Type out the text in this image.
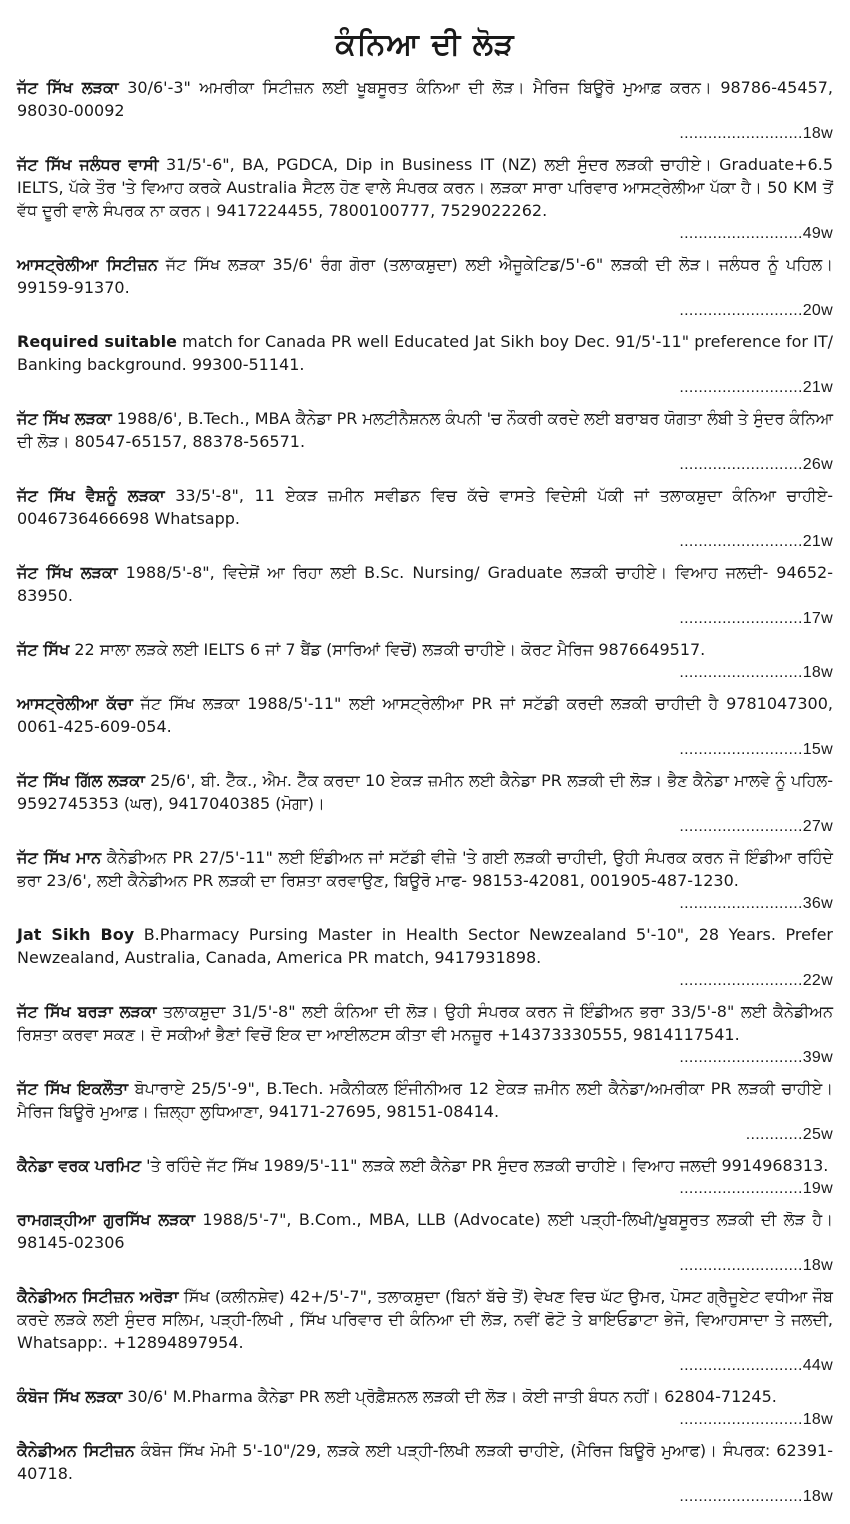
ਕੰਨਿਆ ਦੀ ਲੋੜ
ਜੱਟ ਸਿੱਖ ਲੜਕਾ 30/6'-3" ਅਮਰੀਕਾ ਸਿਟੀਜ਼ਨ ਲਈ ਖੂਬਸੂਰਤ ਕੰਨਿਆ ਦੀ ਲੋੜ। ਮੈਰਿਜ ਬਿਊਰੋ ਮੁਆਫ਼ ਕਰਨ। 98786-45457, 98030-00092
..........................18w
ਜੱਟ ਸਿੱਖ ਜਲੰਧਰ ਵਾਸੀ 31/5'-6", BA, PGDCA, Dip in Business IT (NZ) ਲਈ ਸੁੰਦਰ ਲੜਕੀ ਚਾਹੀਏ। Graduate+6.5 IELTS, ਪੱਕੇ ਤੌਰ 'ਤੇ ਵਿਆਹ ਕਰਕੇ Australia ਸੈਟਲ ਹੋਣ ਵਾਲੇ ਸੰਪਰਕ ਕਰਨ। ਲੜਕਾ ਸਾਰਾ ਪਰਿਵਾਰ ਆਸਟ੍ਰੇਲੀਆ ਪੱਕਾ ਹੈ। 50 KM ਤੋਂ ਵੱਧ ਦੂਰੀ ਵਾਲੇ ਸੰਪਰਕ ਨਾ ਕਰਨ। 9417224455, 7800100777, 7529022262.
..........................49w
ਆਸਟ੍ਰੇਲੀਆ ਸਿਟੀਜ਼ਨ ਜੱਟ ਸਿੱਖ ਲੜਕਾ 35/6' ਰੰਗ ਗੋਰਾ (ਤਲਾਕਸ਼ੁਦਾ) ਲਈ ਐਜੂਕੇਟਿਡ/5'-6" ਲੜਕੀ ਦੀ ਲੋੜ। ਜਲੰਧਰ ਨੂੰ ਪਹਿਲ। 99159-91370.
..........................20w
Required suitable match for Canada PR well Educated Jat Sikh boy Dec. 91/5'-11" preference for IT/ Banking background. 99300-51141.
..........................21w
ਜੱਟ ਸਿੱਖ ਲੜਕਾ 1988/6', B.Tech., MBA ਕੈਨੇਡਾ PR ਮਲਟੀਨੈਸ਼ਨਲ ਕੰਪਨੀ 'ਚ ਨੌਕਰੀ ਕਰਦੇ ਲਈ ਬਰਾਬਰ ਯੋਗਤਾ ਲੰਬੀ ਤੇ ਸੁੰਦਰ ਕੰਨਿਆ ਦੀ ਲੋੜ। 80547-65157, 88378-56571.
..........................26w
ਜੱਟ ਸਿੱਖ ਵੈਸ਼ਨੂੰ ਲੜਕਾ 33/5'-8", 11 ਏਕੜ ਜ਼ਮੀਨ ਸਵੀਡਨ ਵਿਚ ਕੱਚੇ ਵਾਸਤੇ ਵਿਦੇਸ਼ੀ ਪੱਕੀ ਜਾਂ ਤਲਾਕਸ਼ੁਦਾ ਕੰਨਿਆ ਚਾਹੀਏ- 0046736466698 Whatsapp.
..........................21w
ਜੱਟ ਸਿੱਖ ਲੜਕਾ 1988/5'-8", ਵਿਦੇਸ਼ੋਂ ਆ ਰਿਹਾ ਲਈ B.Sc. Nursing/ Graduate ਲੜਕੀ ਚਾਹੀਏ। ਵਿਆਹ ਜਲਦੀ- 94652-83950.
..........................17w
ਜੱਟ ਸਿੱਖ 22 ਸਾਲਾ ਲੜਕੇ ਲਈ IELTS 6 ਜਾਂ 7 ਬੈਂਡ (ਸਾਰਿਆਂ ਵਿਚੋਂ) ਲੜਕੀ ਚਾਹੀਏ। ਕੋਰਟ ਮੈਰਿਜ 9876649517.
..........................18w
ਆਸਟ੍ਰੇਲੀਆ ਕੱਚਾ ਜੱਟ ਸਿੱਖ ਲੜਕਾ 1988/5'-11" ਲਈ ਆਸਟ੍ਰੇਲੀਆ PR ਜਾਂ ਸਟੱਡੀ ਕਰਦੀ ਲੜਕੀ ਚਾਹੀਦੀ ਹੈ 9781047300, 0061-425-609-054.
..........................15w
ਜੱਟ ਸਿੱਖ ਗਿੱਲ ਲੜਕਾ 25/6', ਬੀ. ਟੈੱਕ., ਐਮ. ਟੈੱਕ ਕਰਦਾ 10 ਏਕੜ ਜ਼ਮੀਨ ਲਈ ਕੈਨੇਡਾ PR ਲੜਕੀ ਦੀ ਲੋੜ। ਭੈਣ ਕੈਨੇਡਾ ਮਾਲਵੇ ਨੂੰ ਪਹਿਲ- 9592745353 (ਘਰ), 9417040385 (ਮੋਗਾ)।
..........................27w
ਜੱਟ ਸਿੱਖ ਮਾਨ ਕੈਨੇਡੀਅਨ PR 27/5'-11" ਲਈ ਇੰਡੀਅਨ ਜਾਂ ਸਟੱਡੀ ਵੀਜ਼ੇ 'ਤੇ ਗਈ ਲੜਕੀ ਚਾਹੀਦੀ, ਉਹੀ ਸੰਪਰਕ ਕਰਨ ਜੋ ਇੰਡੀਆ ਰਹਿੰਦੇ ਭਰਾ 23/6', ਲਈ ਕੈਨੇਡੀਅਨ PR ਲੜਕੀ ਦਾ ਰਿਸ਼ਤਾ ਕਰਵਾਉਣ, ਬਿਊਰੋ ਮਾਫ- 98153-42081, 001905-487-1230.
..........................36w
Jat Sikh Boy B.Pharmacy Pursing Master in Health Sector Newzealand 5'-10", 28 Years. Prefer Newzealand, Australia, Canada, America PR match, 9417931898.
..........................22w
ਜੱਟ ਸਿੱਖ ਬਰੜਾ ਲੜਕਾ ਤਲਾਕਸ਼ੁਦਾ 31/5'-8" ਲਈ ਕੰਨਿਆ ਦੀ ਲੋੜ। ਉਹੀ ਸੰਪਰਕ ਕਰਨ ਜੋ ਇੰਡੀਅਨ ਭਰਾ 33/5'-8" ਲਈ ਕੈਨੇਡੀਅਨ ਰਿਸ਼ਤਾ ਕਰਵਾ ਸਕਣ। ਦੋ ਸਕੀਆਂ ਭੈਣਾਂ ਵਿਚੋਂ ਇਕ ਦਾ ਆਈਲਟਸ ਕੀਤਾ ਵੀ ਮਨਜ਼ੂਰ +14373330555, 9814117541.
..........................39w
ਜੱਟ ਸਿੱਖ ਇਕਲੌਤਾ ਬੋਪਾਰਾਏ 25/5'-9", B.Tech. ਮਕੈਨੀਕਲ ਇੰਜੀਨੀਅਰ 12 ਏਕੜ ਜ਼ਮੀਨ ਲਈ ਕੈਨੇਡਾ/ਅਮਰੀਕਾ PR ਲੜਕੀ ਚਾਹੀਏ। ਮੈਰਿਜ ਬਿਊਰੋ ਮੁਆਫ਼। ਜ਼ਿਲ੍ਹਾ ਲੁਧਿਆਣਾ, 94171-27695, 98151-08414.
............25w
ਕੈਨੇਡਾ ਵਰਕ ਪਰਮਿਟ 'ਤੇ ਰਹਿੰਦੇ ਜੱਟ ਸਿੱਖ 1989/5'-11" ਲੜਕੇ ਲਈ ਕੈਨੇਡਾ PR ਸੁੰਦਰ ਲੜਕੀ ਚਾਹੀਏ। ਵਿਆਹ ਜਲਦੀ 9914968313.
..........................19w
ਰਾਮਗੜ੍ਹੀਆ ਗੁਰਸਿੱਖ ਲੜਕਾ 1988/5'-7", B.Com., MBA, LLB (Advocate) ਲਈ ਪੜ੍ਹੀ-ਲਿਖੀ/ਖੂਬਸੂਰਤ ਲੜਕੀ ਦੀ ਲੋੜ ਹੈ। 98145-02306
..........................18w
ਕੈਨੇਡੀਅਨ ਸਿਟੀਜ਼ਨ ਅਰੋੜਾ ਸਿੱਖ (ਕਲੀਨਸ਼ੇਵ) 42+/5'-7", ਤਲਾਕਸ਼ੁਦਾ (ਬਿਨਾਂ ਬੱਚੇ ਤੋਂ) ਵੇਖਣ ਵਿਚ ਘੱਟ ਉਮਰ, ਪੋਸਟ ਗ੍ਰੈਜੂਏਟ ਵਧੀਆ ਜੌਬ ਕਰਦੇ ਲੜਕੇ ਲਈ ਸੁੰਦਰ ਸਲਿਮ, ਪੜ੍ਹੀ-ਲਿਖੀ , ਸਿੱਖ ਪਰਿਵਾਰ ਦੀ ਕੰਨਿਆ ਦੀ ਲੋੜ, ਨਵੀਂ ਫੋਟੋ ਤੇ ਬਾਇਓਡਾਟਾ ਭੇਜੋ, ਵਿਆਹਸਾਦਾ ਤੇ ਜਲਦੀ, Whatsapp:. +12894897954.
..........................44w
ਕੰਬੋਜ ਸਿੱਖ ਲੜਕਾ 30/6' M.Pharma ਕੈਨੇਡਾ PR ਲਈ ਪ੍ਰੋਫ਼ੈਸ਼ਨਲ ਲੜਕੀ ਦੀ ਲੋੜ। ਕੋਈ ਜਾਤੀ ਬੰਧਨ ਨਹੀਂ। 62804-71245.
..........................18w
ਕੈਨੇਡੀਅਨ ਸਿਟੀਜ਼ਨ ਕੰਬੋਜ ਸਿੱਖ ਮੋਮੀ 5'-10"/29, ਲੜਕੇ ਲਈ ਪੜ੍ਹੀ-ਲਿਖੀ ਲੜਕੀ ਚਾਹੀਏ, (ਮੈਰਿਜ ਬਿਊਰੋ ਮੁਆਫ)। ਸੰਪਰਕ: 62391-40718.
..........................18w
